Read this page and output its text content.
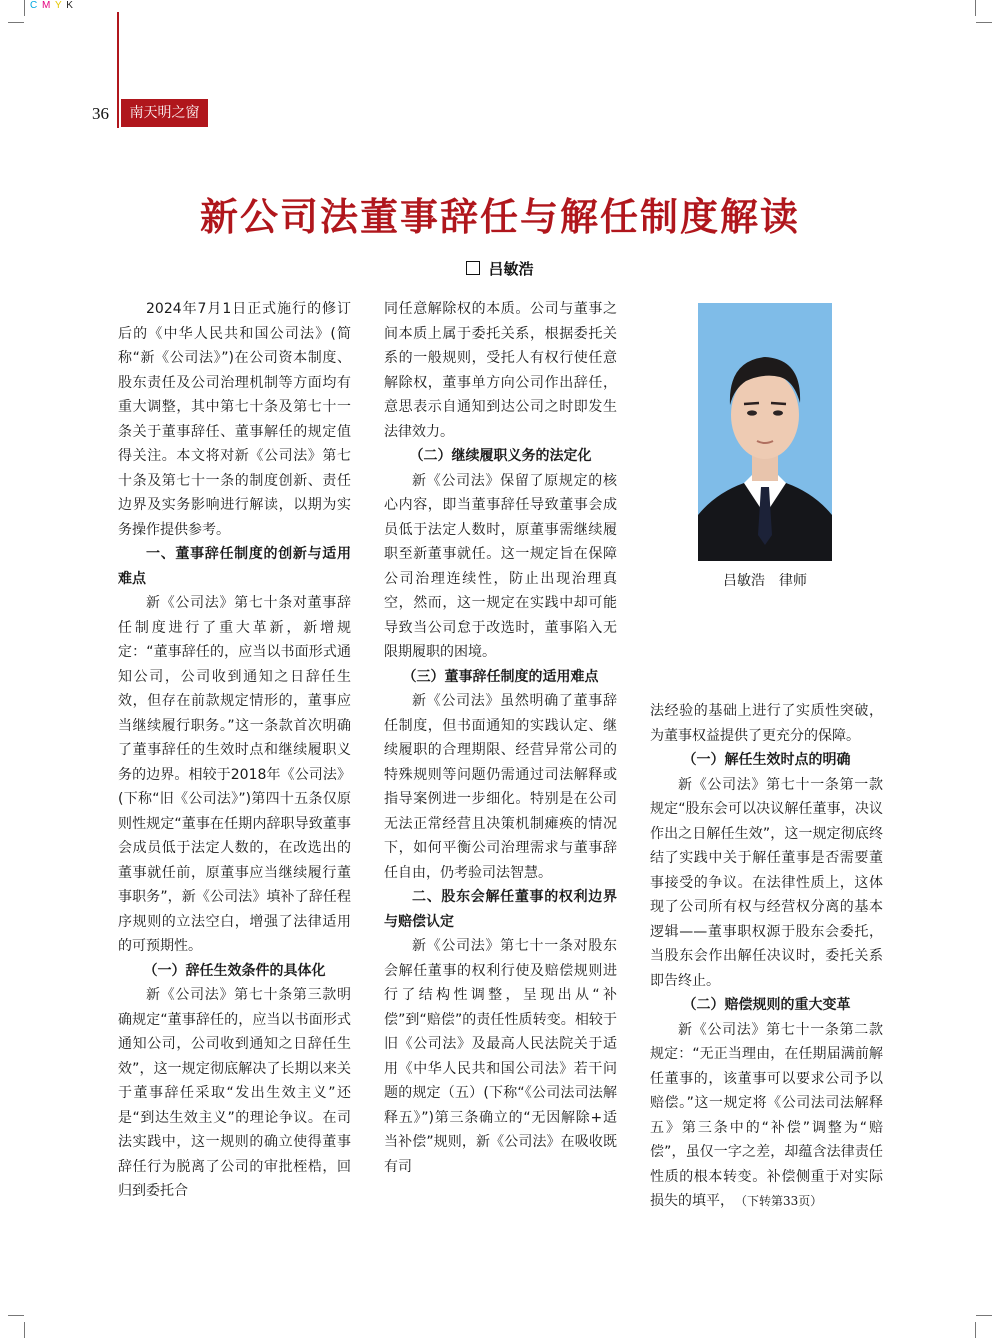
C M Y K
36	南天明之窗
新公司法董事辞任与解任制度解读
吕敏浩

2024年7月1日正式施行的修订后的《中华人民共和国公司法》(简称“新《公司法》”)在公司资本制度、股东责任及公司治理机制等方面均有重大调整，其中第七十条及第七十一条关于董事辞任、董事解任的规定值得关注。本文将对新《公司法》第七十条及第七十一条的制度创新、责任边界及实务影响进行解读，以期为实务操作提供参考。

一、董事辞任制度的创新与适用难点

新《公司法》第七十条对董事辞任制度进行了重大革新，新增规定：“董事辞任的，应当以书面形式通知公司，公司收到通知之日辞任生效，但存在前款规定情形的，董事应当继续履行职务。”这一条款首次明确了董事辞任的生效时点和继续履职义务的边界。相较于2018年《公司法》(下称“旧《公司法》”)第四十五条仅原则性规定“董事在任期内辞职导致董事会成员低于法定人数的，在改选出的董事就任前，原董事应当继续履行董事职务”，新《公司法》填补了辞任程序规则的立法空白，增强了法律适用的可预期性。

（一）辞任生效条件的具体化

新《公司法》第七十条第三款明确规定“董事辞任的，应当以书面形式通知公司，公司收到通知之日辞任生效”，这一规定彻底解决了长期以来关于董事辞任采取“发出生效主义”还是“到达生效主义”的理论争议。在司法实践中，这一规则的确立使得董事辞任行为脱离了公司的审批桎梏，回归到委托合

同任意解除权的本质。公司与董事之间本质上属于委托关系，根据委托关系的一般规则，受托人有权行使任意解除权，董事单方向公司作出辞任，意思表示自通知到达公司之时即发生法律效力。

（二）继续履职义务的法定化

新《公司法》保留了原规定的核心内容，即当董事辞任导致董事会成员低于法定人数时，原董事需继续履职至新董事就任。这一规定旨在保障公司治理连续性，防止出现治理真空，然而，这一规定在实践中却可能导致当公司怠于改选时，董事陷入无限期履职的困境。

（三）董事辞任制度的适用难点

新《公司法》虽然明确了董事辞任制度，但书面通知的实践认定、继续履职的合理期限、经营异常公司的特殊规则等问题仍需通过司法解释或指导案例进一步细化。特别是在公司无法正常经营且决策机制瘫痪的情况下，如何平衡公司治理需求与董事辞任自由，仍考验司法智慧。

二、股东会解任董事的权利边界与赔偿认定

新《公司法》第七十一条对股东会解任董事的权利行使及赔偿规则进行了结构性调整，呈现出从“补偿”到“赔偿”的责任性质转变。相较于旧《公司法》及最高人民法院关于适用《中华人民共和国公司法》若干问题的规定（五）(下称“《公司法司法解释五》”)第三条确立的“无因解除+适当补偿”规则，新《公司法》在吸收既有司

吕敏浩　律师

法经验的基础上进行了实质性突破，为董事权益提供了更充分的保障。

（一）解任生效时点的明确

新《公司法》第七十一条第一款规定“股东会可以决议解任董事，决议作出之日解任生效”，这一规定彻底终结了实践中关于解任董事是否需要董事接受的争议。在法律性质上，这体现了公司所有权与经营权分离的基本逻辑——董事职权源于股东会委托，当股东会作出解任决议时，委托关系即告终止。

（二）赔偿规则的重大变革

新《公司法》第七十一条第二款规定：“无正当理由，在任期届满前解任董事的，该董事可以要求公司予以赔偿。”这一规定将《公司法司法解释五》第三条中的“补偿”调整为“赔偿”，虽仅一字之差，却蕴含法律责任性质的根本转变。补偿侧重于对实际损失的填平，　 （下转第33页）
